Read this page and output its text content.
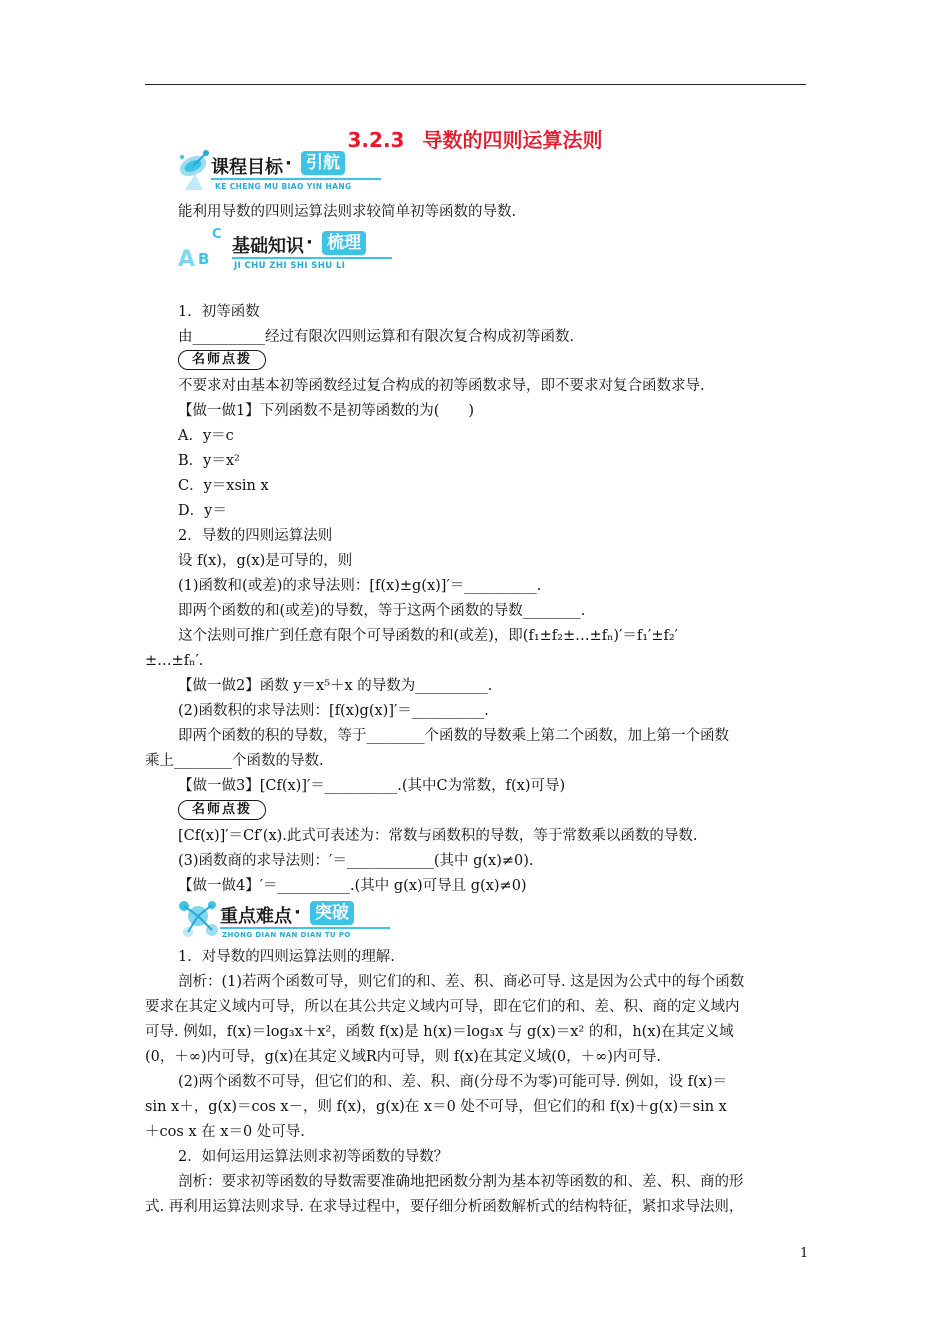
3.2.3 导数的四则运算法则
课程目标 · 引航
KE CHENG MU BIAO YIN HANG
能利用导数的四则运算法则求较简单初等函数的导数.
C
A B
基础知识 · 梳理
JI CHU ZHI SHI SHU LI
1．初等函数
由__________经过有限次四则运算和有限次复合构成初等函数.
名师点拨
不要求对由基本初等函数经过复合构成的初等函数求导，即不要求对复合函数求导.
【做一做1】下列函数不是初等函数的为(　　)
A．y＝c
B．y＝x²
C．y＝xsin x
D．y＝
2．导数的四则运算法则
设 f(x)，g(x)是可导的，则
(1)函数和(或差)的求导法则：[f(x)±g(x)]′＝__________.
即两个函数的和(或差)的导数，等于这两个函数的导数________.
这个法则可推广到任意有限个可导函数的和(或差)，即(f₁±f₂±…±fₙ)′＝f₁′±f₂′
±…±fₙ′.
【做一做2】函数 y＝x⁵＋x 的导数为__________.
(2)函数积的求导法则：[f(x)g(x)]′＝__________.
即两个函数的积的导数，等于________个函数的导数乘上第二个函数，加上第一个函数
乘上________个函数的导数.
【做一做3】[Cf(x)]′＝__________.(其中C为常数，f(x)可导)
名师点拨
[Cf(x)]′＝Cf′(x).此式可表述为：常数与函数积的导数，等于常数乘以函数的导数.
(3)函数商的求导法则：′＝____________(其中 g(x)≠0).
【做一做4】′＝__________.(其中 g(x)可导且 g(x)≠0)
重点难点 · 突破
ZHONG DIAN NAN DIAN TU PO
1．对导数的四则运算法则的理解.
剖析：(1)若两个函数可导，则它们的和、差、积、商必可导. 这是因为公式中的每个函数
要求在其定义域内可导，所以在其公共定义域内可导，即在它们的和、差、积、商的定义域内
可导. 例如，f(x)＝log₃x＋x²，函数 f(x)是 h(x)＝log₃x 与 g(x)＝x² 的和，h(x)在其定义域
(0，＋∞)内可导，g(x)在其定义域R内可导，则 f(x)在其定义域(0，＋∞)内可导.
(2)两个函数不可导，但它们的和、差、积、商(分母不为零)可能可导. 例如，设 f(x)＝
sin x＋，g(x)＝cos x－，则 f(x)，g(x)在 x＝0 处不可导，但它们的和 f(x)＋g(x)＝sin x
＋cos x 在 x＝0 处可导.
2．如何运用运算法则求初等函数的导数？
剖析：要求初等函数的导数需要准确地把函数分割为基本初等函数的和、差、积、商的形
式. 再利用运算法则求导. 在求导过程中，要仔细分析函数解析式的结构特征，紧扣求导法则，
1
